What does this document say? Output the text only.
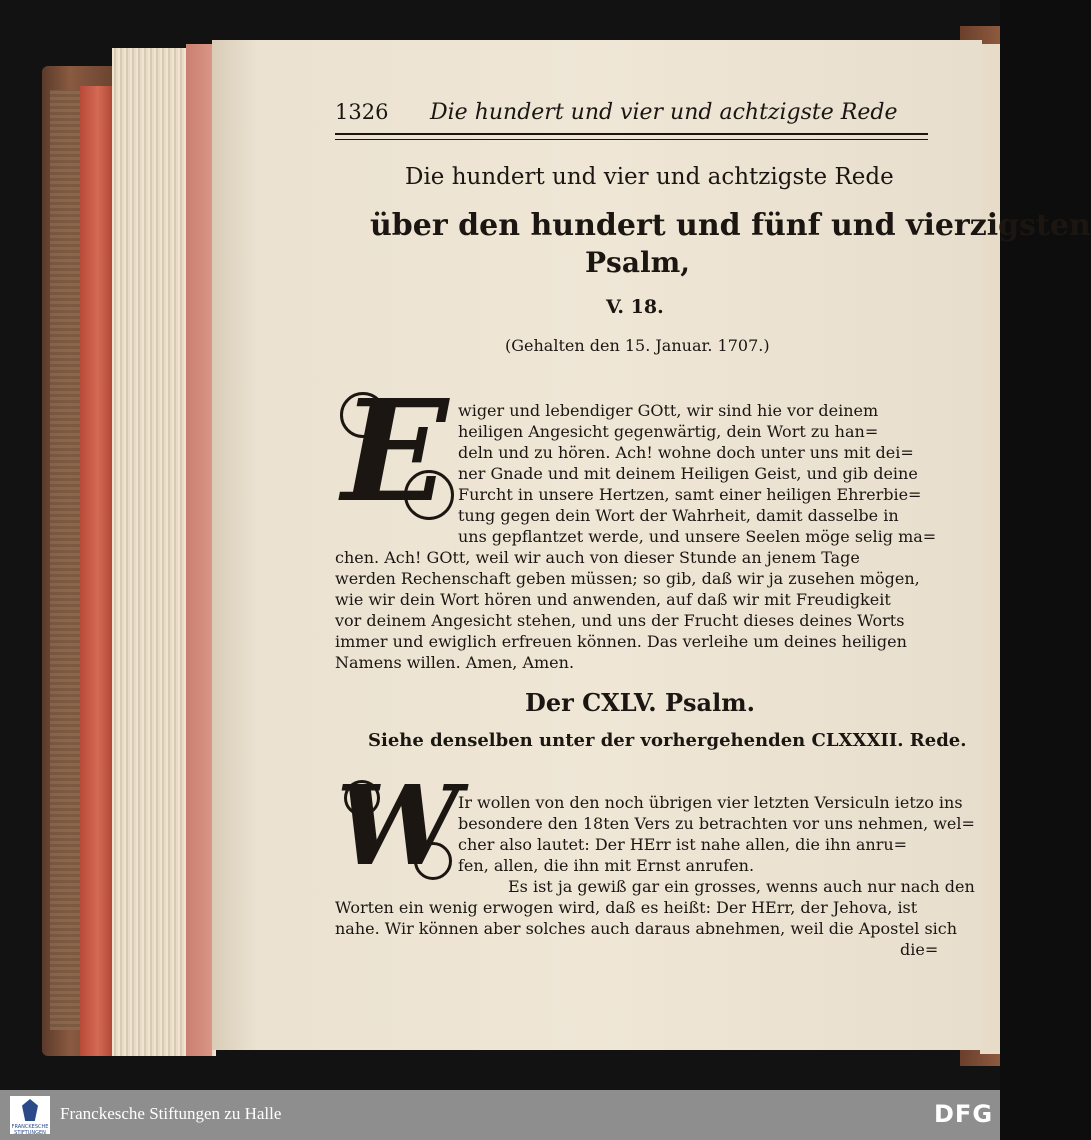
1326 Die hundert und vier und achtzigste Rede
Die hundert und vier und achtzigste Rede
über den hundert und fünf und vierzigsten
Psalm,
V. 18.
(Gehalten den 15. Januar. 1707.)
E wiger und lebendiger GOtt, wir sind hie vor deinem
heiligen Angesicht gegenwärtig, dein Wort zu han=
deln und zu hören. Ach! wohne doch unter uns mit dei=
ner Gnade und mit deinem Heiligen Geist, und gib deine
Furcht in unsere Hertzen, samt einer heiligen Ehrerbie=
tung gegen dein Wort der Wahrheit, damit dasselbe in
uns gepflantzet werde, und unsere Seelen möge selig ma=
chen. Ach! GOtt, weil wir auch von dieser Stunde an jenem Tage
werden Rechenschaft geben müssen; so gib, daß wir ja zusehen mögen,
wie wir dein Wort hören und anwenden, auf daß wir mit Freudigkeit
vor deinem Angesicht stehen, und uns der Frucht dieses deines Worts
immer und ewiglich erfreuen können. Das verleihe um deines heiligen
Namens willen. Amen, Amen.
Der CXLV. Psalm.
Siehe denselben unter der vorhergehenden CLXXXII. Rede.
W
Ir wollen von den noch übrigen vier letzten Versiculn ietzo ins
besondere den 18ten Vers zu betrachten vor uns nehmen, wel=
cher also lautet: Der HErr ist nahe allen, die ihn anru=
fen, allen, die ihn mit Ernst anrufen.
Es ist ja gewiß gar ein grosses, wenns auch nur nach den
Worten ein wenig erwogen wird, daß es heißt: Der HErr, der Jehova, ist
nahe. Wir können aber solches auch daraus abnehmen, weil die Apostel sich
die=
FRANCKESCHE STIFTUNGEN
Franckesche Stiftungen zu Halle	DFG
